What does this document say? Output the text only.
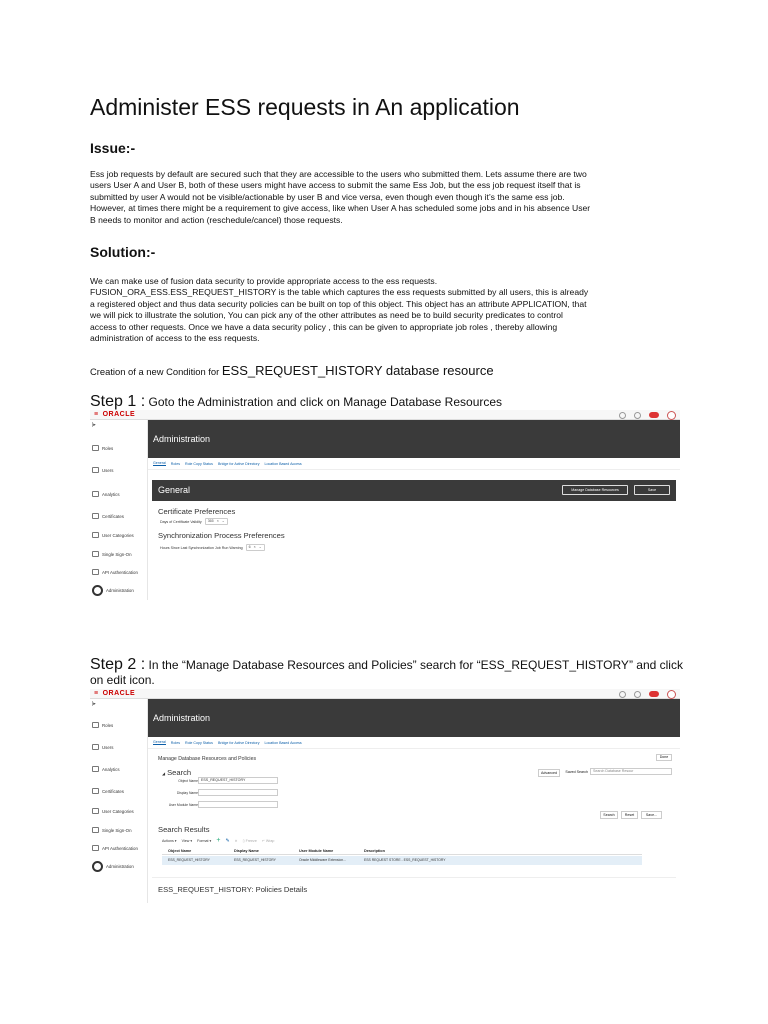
Administer ESS requests in An application
Issue:-
Ess job requests by default are secured such that they are accessible to the users who submitted them. Lets assume there are two
users User A and User B, both of these users might have access to submit the same Ess Job, but the ess job request itself that is
submitted by user A would not be visible/actionable by user B and vice versa, even though even though it’s the same ess job.
However, at times there might be a requirement to give access, like when User A has scheduled some jobs and in his absence User
B needs to monitor and action (reschedule/cancel) those requests.
Solution:-
We can make use of fusion data security to provide appropriate access to the ess requests.
FUSION_ORA_ESS.ESS_REQUEST_HISTORY is the table which captures the ess requests submitted by all users, this is already
a registered object and thus data security policies can be built on top of this object. This object has an attribute APPLICATION, that
we will pick to illustrate the solution, You can pick any of the other attributes as need be to build security predicates to control
access to other requests. Once we have a data security policy , this can be given to appropriate job roles , thereby allowing
administration of access to the ess requests.
Creation of a new Condition for ESS_REQUEST_HISTORY database resource
Step 1 : Goto the Administration and click on Manage Database Resources
≡ ORACLE
|▸
Roles
Users
Analytics
Certificates
User Categories
Single Sign-On
API Authentication
Administration
Administration
General Roles Role Copy Status Bridge for Active Directory Location Based Access
General	Manage Database Resources	Save
Certificate Preferences
Days of Certificate Validity 365 × ⌄
Synchronization Process Preferences
Hours Since Last Synchronization Job Run Warning 6 × ⌄
Step 2 : In the “Manage Database Resources and Policies” search for “ESS_REQUEST_HISTORY” and click
on edit icon.
≡ ORACLE
|▸
Roles
Users
Analytics
Certificates
User Categories
Single Sign-On
API Authentication
Administration
Administration
General Roles Role Copy Status Bridge for Active Directory Location Based Access
Manage Database Resources and Policies	Done
◢ Search	Advanced	Saved Search	Search Database Resour
Object Name ESS_REQUEST_HISTORY
Display Name
User Module Name
Search	Reset	Save...
Search Results
Actions ▾ View ▾ Format ▾ + ✎ ✕ ▯ Freeze ↵ Wrap
Object Name	Display Name	User Module Name	Description
ESS_REQUEST_HISTORY	ESS_REQUEST_HISTORY	Oracle Middleware Extension...	ESS REQUEST STORE - ESS_REQUEST_HISTORY
ESS_REQUEST_HISTORY: Policies Details
